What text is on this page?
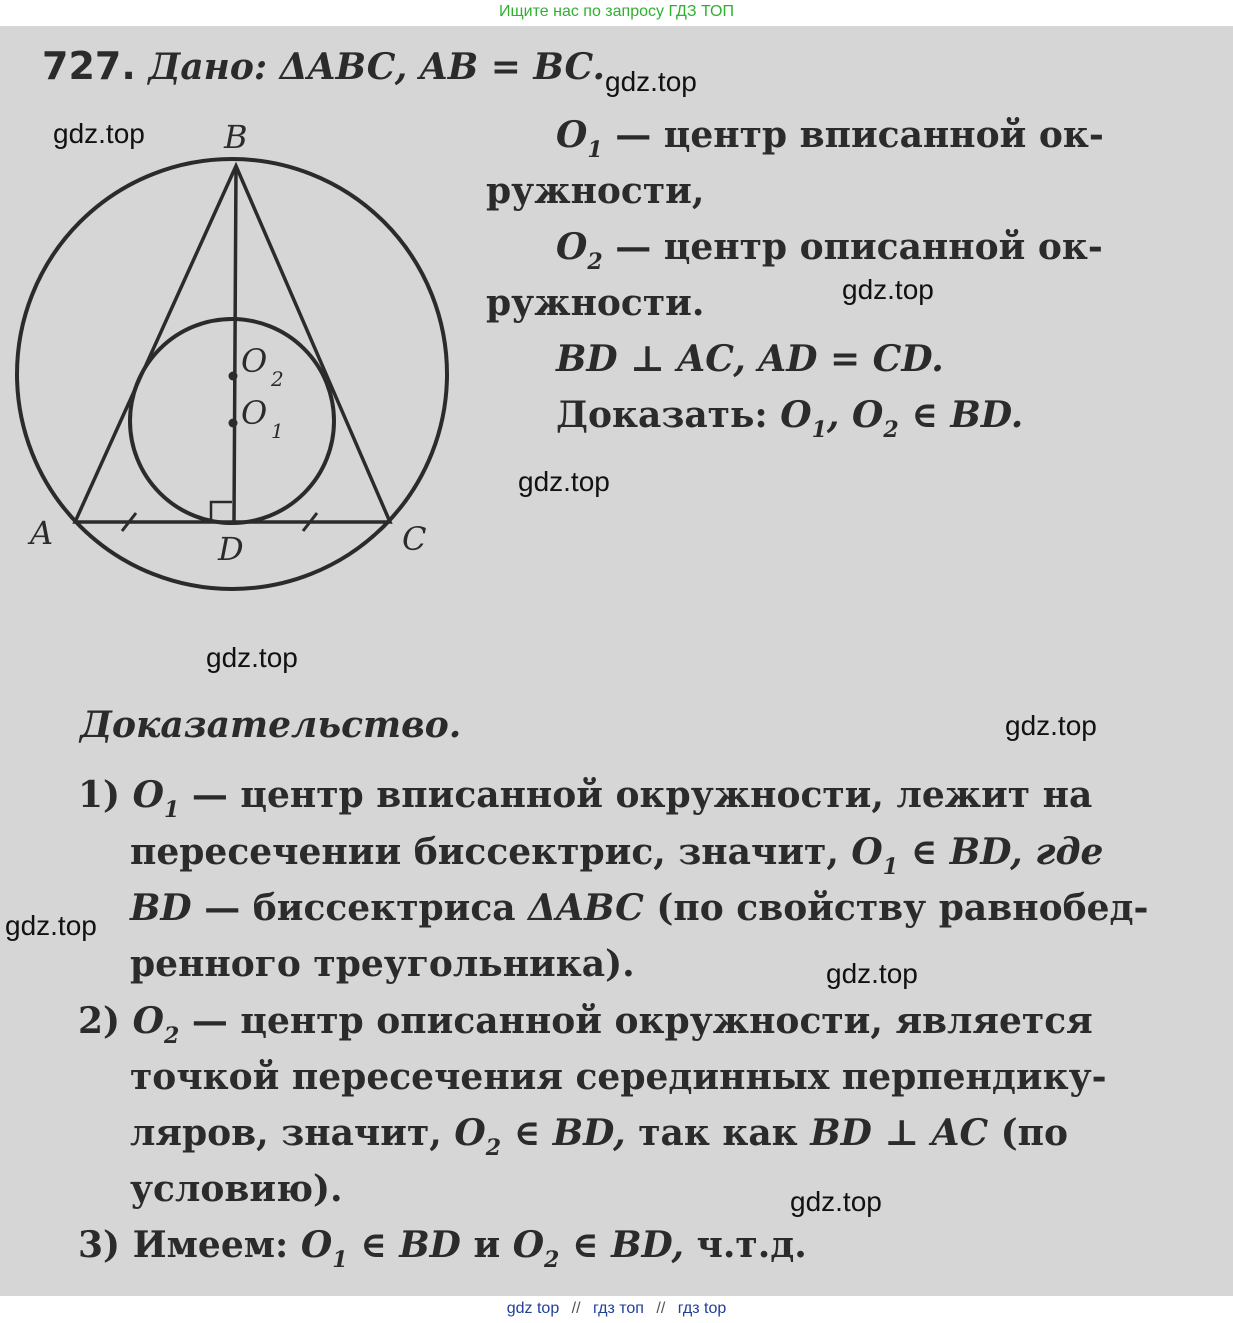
Ищите нас по запросу ГДЗ ТОП
B
A	C
D
O 2
O 1
727. Дано: ΔABC, AB = BC.
$O_1$ — центр вписанной ок-
ружности,
$O_2$ — центр описанной ок-
ружности.
BD ⊥ AC, AD = CD.
Доказать: $O_1$, $O_2$ ∈ BD.
Доказательство.
1) $O_1$ — центр вписанной окружности, лежит на
пересечении биссектрис, значит, $O_1$ ∈ BD, где
BD — биссектриса ΔABC (по свойству равнобед-
ренного треугольника).
2) $O_2$ — центр описанной окружности, является
точкой пересечения серединных перпендику-
ляров, значит, $O_2$ ∈ BD, так как BD ⊥ AC (по
условию).
3) Имеем: $O_1$ ∈ BD и $O_2$ ∈ BD, ч.т.д.
gdz.top
gdz.top
gdz.top
gdz.top
gdz.top
gdz.top
gdz.top
gdz.top
gdz.top
gdz top // гдз топ // гдз top
